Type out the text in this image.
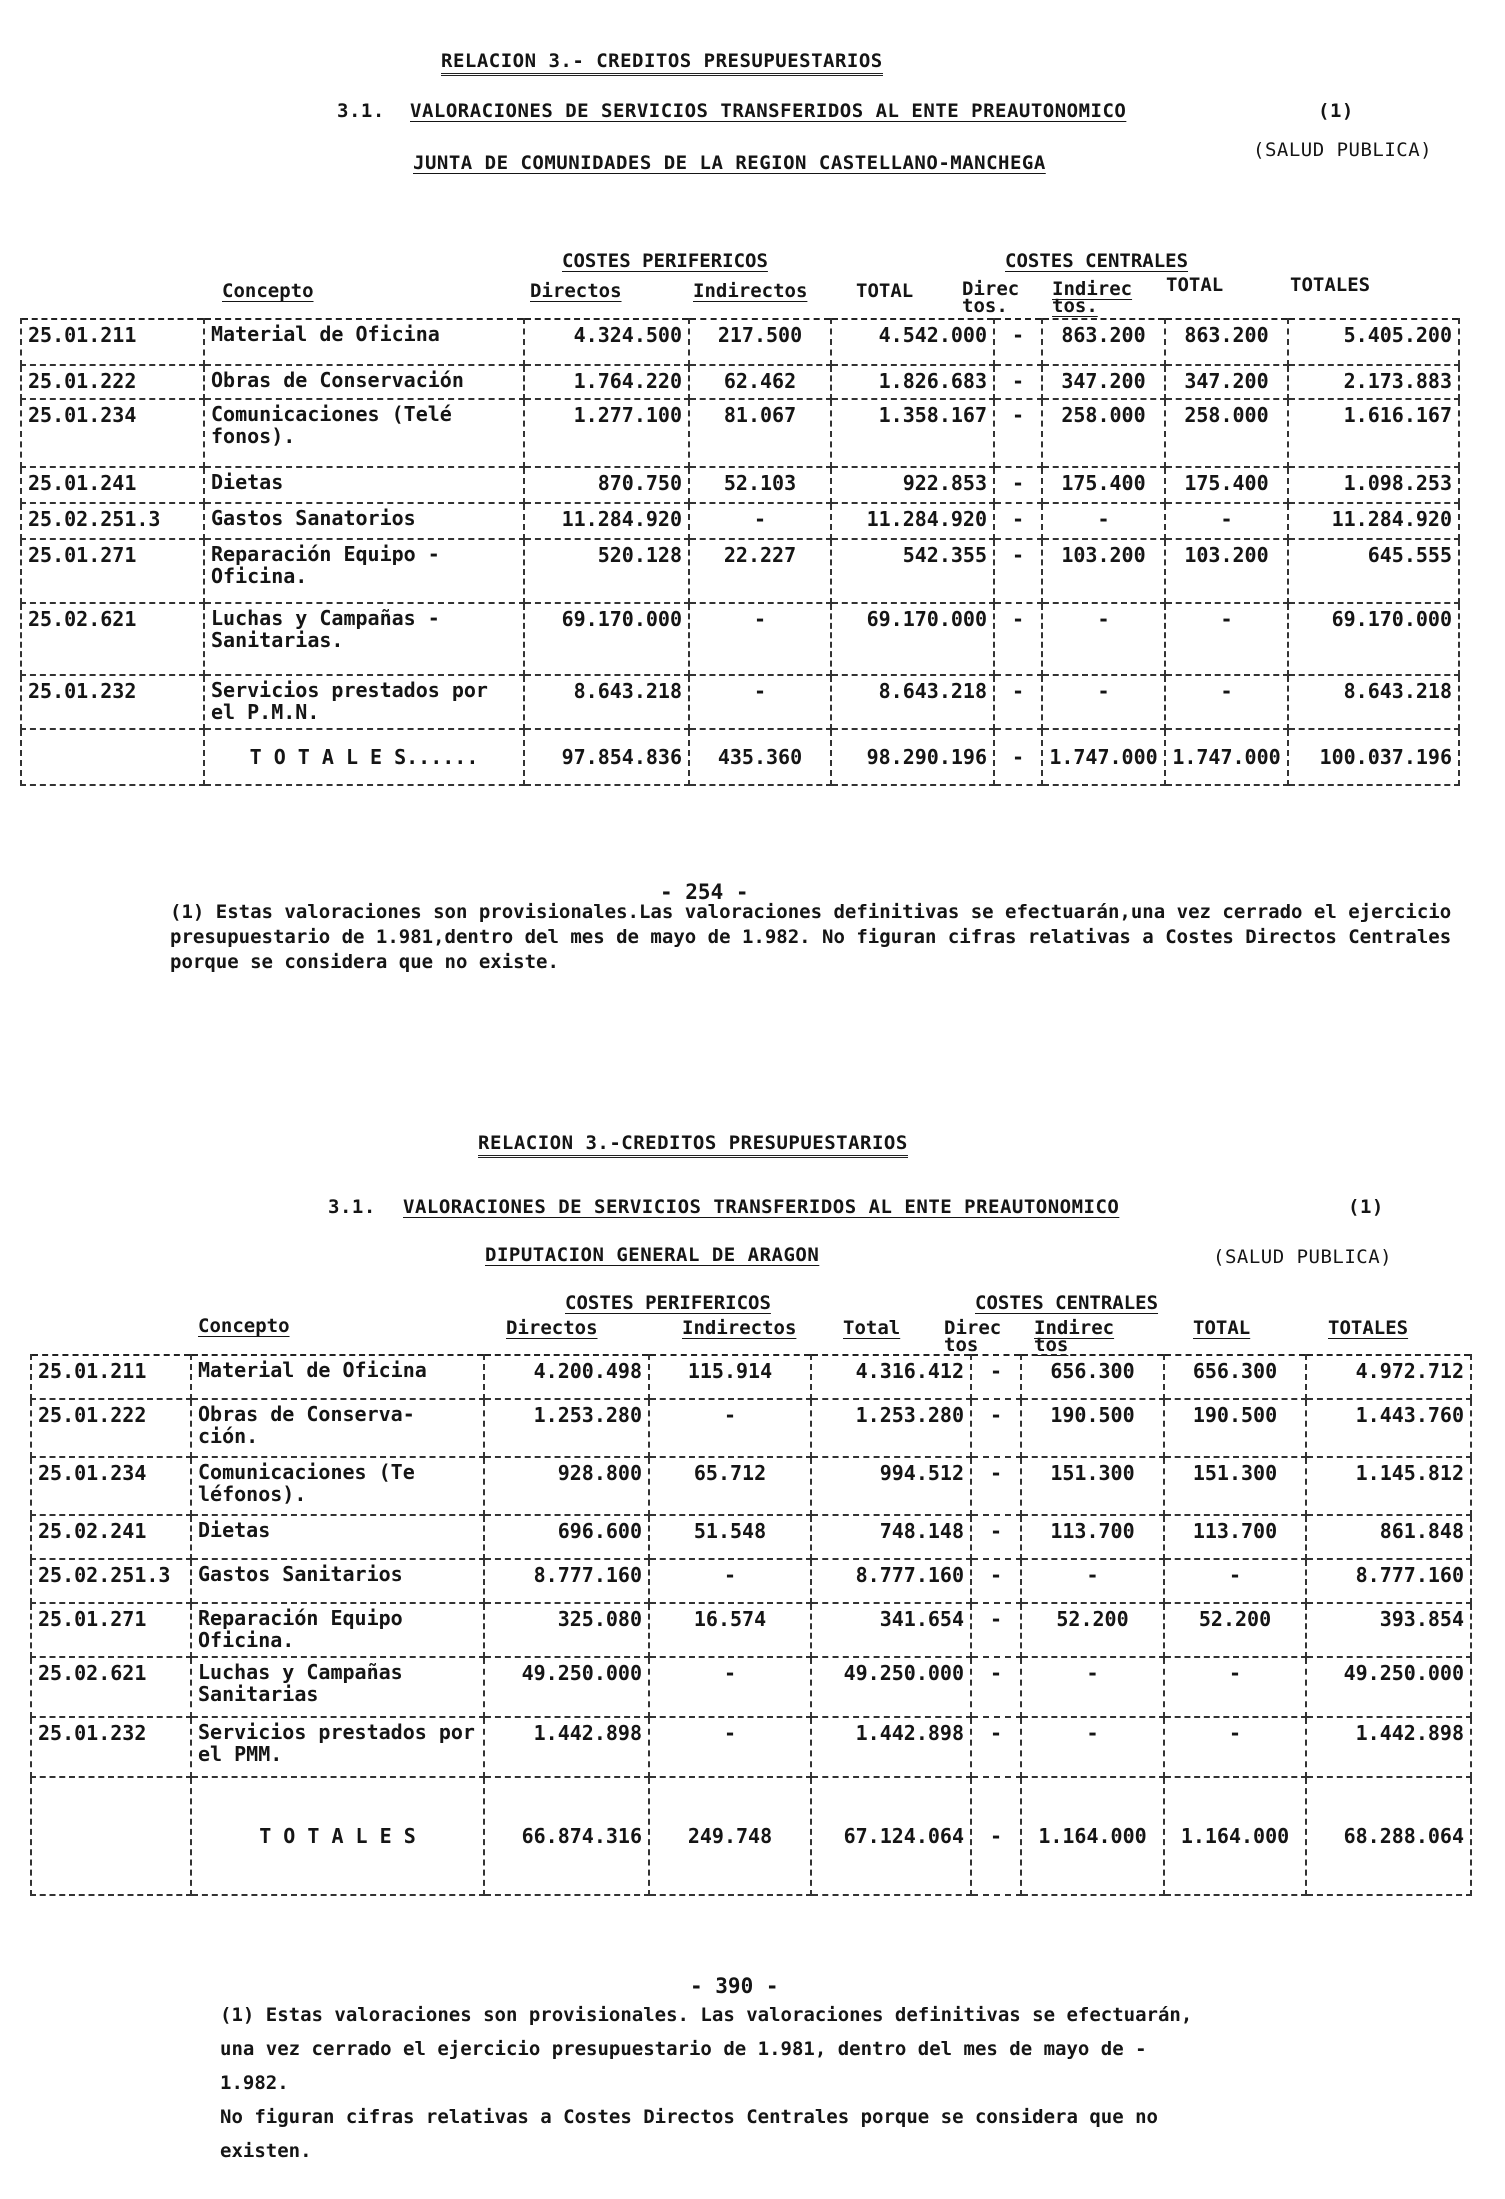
RELACION 3.- CREDITOS PRESUPUESTARIOS
3.1. VALORACIONES DE SERVICIOS TRANSFERIDOS AL ENTE PREAUTONOMICO	(1)
(SALUD PUBLICA)
JUNTA DE COMUNIDADES DE LA REGION CASTELLANO-MANCHEGA
COSTES PERIFERICOS	COSTES CENTRALES
Concepto	Directos	Indirectos	TOTAL	Direc tos.
Indirec tos.
TOTAL	TOTALES
25.01.211	Material de Oficina	4.324.500	217.500	4.542.000	-	863.200	863.200	5.405.200
25.01.222	Obras de Conservación	1.764.220	62.462	1.826.683	-	347.200	347.200	2.173.883
25.01.234	Comunicaciones (Telé fonos).	1.277.100	81.067	1.358.167	-	258.000	258.000	1.616.167
25.01.241	Dietas	870.750	52.103	922.853	-	175.400	175.400	1.098.253
25.02.251.3	Gastos Sanatorios	11.284.920	-	11.284.920	-	-	-	11.284.920
25.01.271	Reparación Equipo - Oficina.	520.128	22.227	542.355	-	103.200	103.200	645.555
25.02.621	Luchas y Campañas - Sanitarias.	69.170.000	-	69.170.000	-	-	-	69.170.000
25.01.232	Servicios prestados por el P.M.N.	8.643.218	-	8.643.218	-	-	-	8.643.218
	T O T A L E S......	97.854.836	435.360	98.290.196	-	1.747.000	1.747.000	100.037.196
- 254 -
(1) Estas valoraciones son provisionales.Las valoraciones definitivas se efectuarán,una vez cerrado el ejercicio presupuestario de 1.981,dentro del mes de mayo de 1.982. No figuran cifras relativas a Costes Directos Centrales porque se considera que no existe.
RELACION 3.-CREDITOS PRESUPUESTARIOS
3.1. VALORACIONES DE SERVICIOS TRANSFERIDOS AL ENTE PREAUTONOMICO	(1)
DIPUTACION GENERAL DE ARAGON	(SALUD PUBLICA)
COSTES PERIFERICOS	COSTES CENTRALES
Concepto	Directos	Indirectos Total Direc tos
Indirec tos
TOTAL	TOTALES
25.01.211	Material de Oficina	4.200.498	115.914	4.316.412	-	656.300	656.300	4.972.712
25.01.222	Obras de Conserva- ción.	1.253.280	-	1.253.280	-	190.500	190.500	1.443.760
25.01.234	Comunicaciones (Te léfonos).	928.800	65.712	994.512	-	151.300	151.300	1.145.812
25.02.241	Dietas	696.600	51.548	748.148	-	113.700	113.700	861.848
25.02.251.3	Gastos Sanitarios	8.777.160	-	8.777.160	-	-	-	8.777.160
25.01.271	Reparación Equipo Oficina.	325.080	16.574	341.654	-	52.200	52.200	393.854
25.02.621	Luchas y Campañas Sanitarias	49.250.000	-	49.250.000	-	-	-	49.250.000
25.01.232	Servicios prestados por el PMM.	1.442.898	-	1.442.898	-	-	-	1.442.898
	T O T A L E S	66.874.316	249.748	67.124.064	-	1.164.000	1.164.000	68.288.064
- 390 -
(1) Estas valoraciones son provisionales. Las valoraciones definitivas se efectuarán,
una vez cerrado el ejercicio presupuestario de 1.981, dentro del mes de mayo de -
1.982.
No figuran cifras relativas a Costes Directos Centrales porque se considera que no
existen.
